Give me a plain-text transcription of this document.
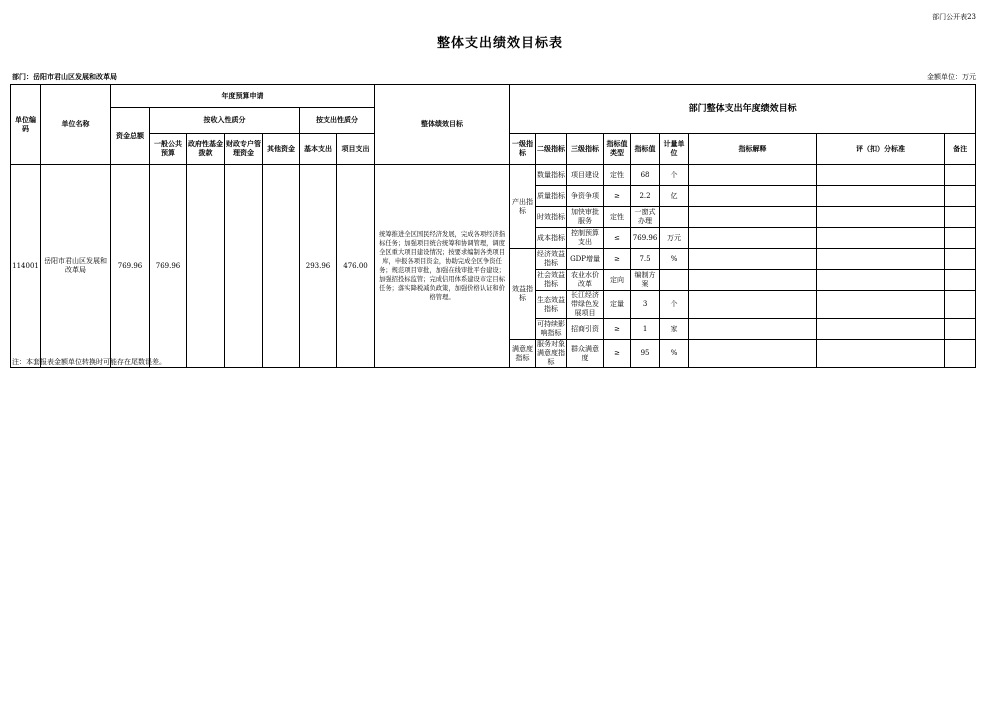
部门公开表23
整体支出绩效目标表
部门：岳阳市君山区发展和改革局	金额单位：万元
单位编码	单位名称	年度预算申请							整体绩效目标	部门整体支出年度绩效目标								
		资金总额	按收入性质分				按支出性质分											
			一般公共预算	政府性基金拨款	财政专户管理资金	其他资金	基本支出	项目支出		一级指标	二级指标	三级指标	指标值类型	指标值	计量单位	指标解释	评（扣）分标准	备注
114001	岳阳市君山区发展和改革局	769.96	769.96				293.96	476.00	统筹推进全区国民经济发展，完成各项经济指标任务；加强项目统合统筹和协调管理，调度全区重大项目建设情况；按要求编制各类项目库，申报各项目资金，协助完成全区争资任务；规范项目审批，加强在线审批平台建设；加强招投标监管；完成信用体系建设市定目标任务；落实降税减负政策，加强价格认证和价格管理。	产出指标	数量指标	项目建设	定性	68	个			
											质量指标	争资争项	≥	2.2	亿			
											时效指标	加快审批服务	定性	一窗式办理				
											成本指标	控制预算支出	≤	769.96	万元			
										效益指标	经济效益指标	GDP增量	≥	7.5	%			
											社会效益指标	农业水价改革	定向	编制方案				
											生态效益指标	长江经济带绿色发展项目	定量	3	个			
											可持续影响指标	招商引资	≥	1	家			
										满意度指标	服务对象满意度指标	群众满意度	≥	95	%			
注：本套报表金额单位转换时可能存在尾数误差。
